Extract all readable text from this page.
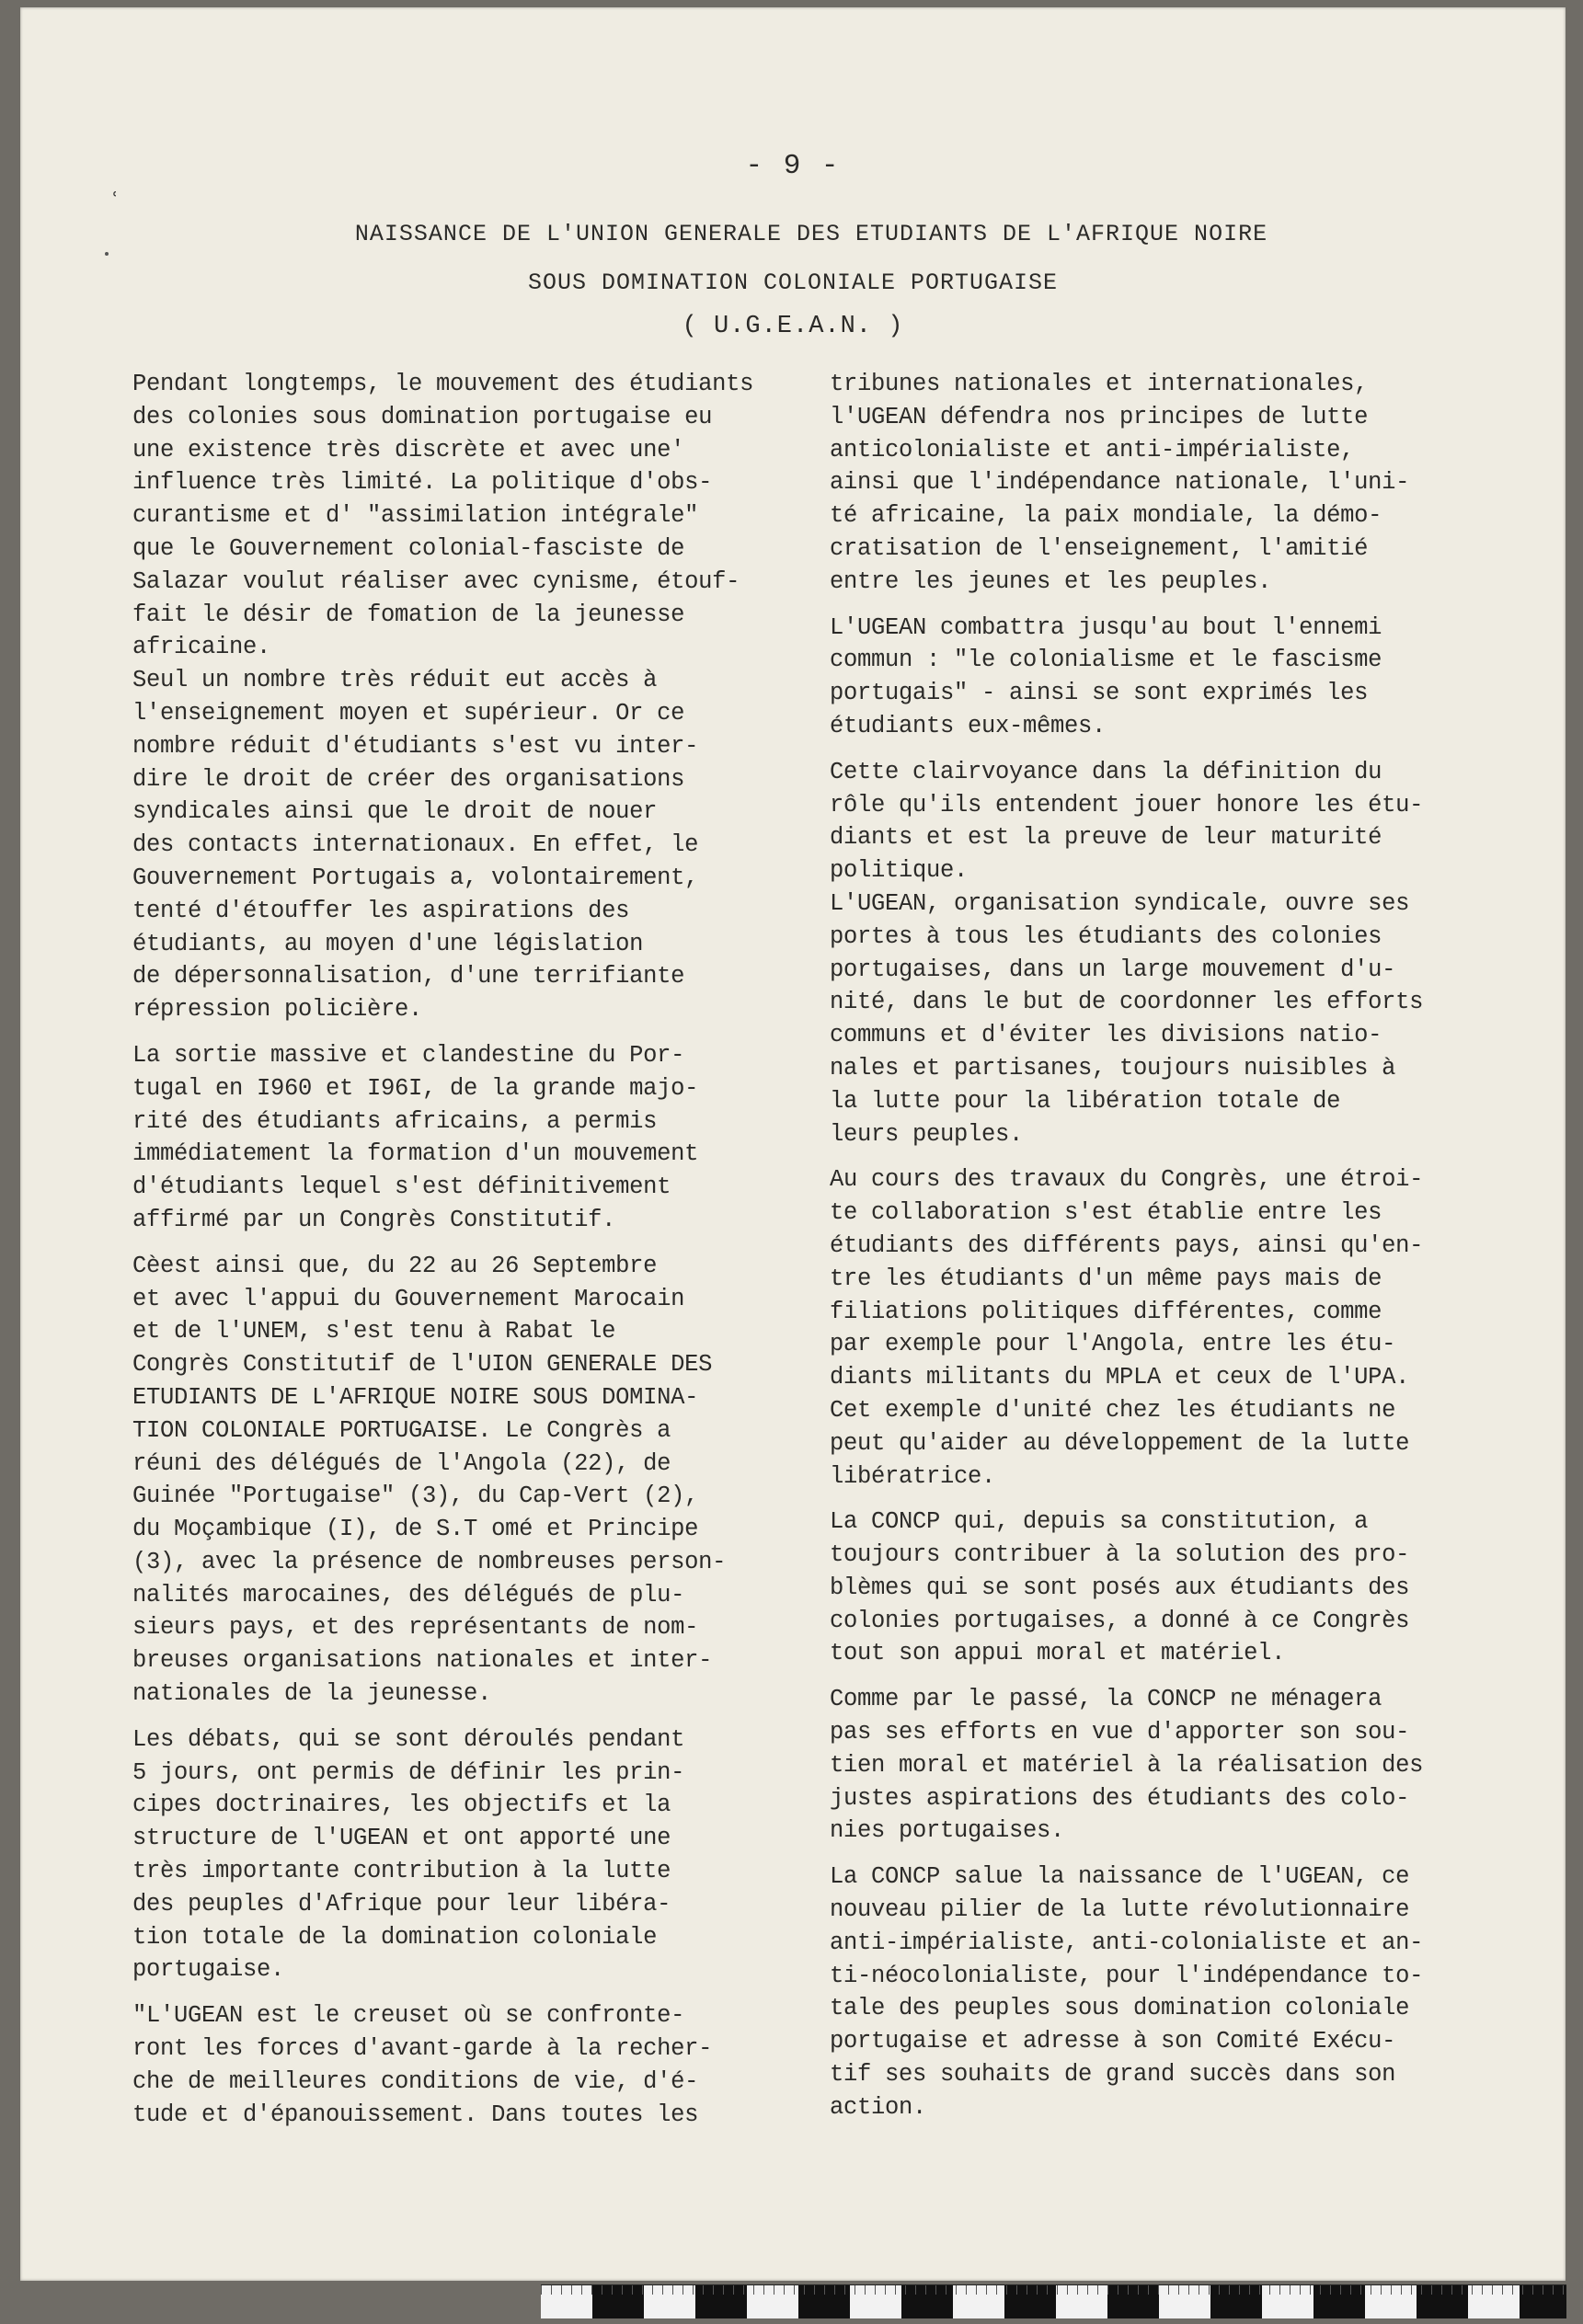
- 9 -
ʿ
NAISSANCE DE L'UNION GENERALE DES ETUDIANTS DE L'AFRIQUE NOIRE
SOUS DOMINATION COLONIALE PORTUGAISE
( U.G.E.A.N. )

Pendant longtemps, le mouvement des étudiants
des colonies sous domination portugaise eu
une existence très discrète et avec une'
influence très limité. La politique d'obs-
curantisme et d' "assimilation intégrale"
que le Gouvernement colonial-fasciste de
Salazar voulut réaliser avec cynisme, étouf-
fait le désir de fomation de la jeunesse
africaine.

Seul un nombre très réduit eut accès à
l'enseignement moyen et supérieur. Or ce
nombre réduit d'étudiants s'est vu inter-
dire le droit de créer des organisations
syndicales ainsi que le droit de nouer
des contacts internationaux. En effet, le
Gouvernement Portugais a, volontairement,
tenté d'étouffer les aspirations des
étudiants, au moyen d'une législation
de dépersonnalisation, d'une terrifiante
répression policière.

La sortie massive et clandestine du Por-
tugal en I960 et I96I, de la grande majo-
rité des étudiants africains, a permis
immédiatement la formation d'un mouvement
d'étudiants lequel s'est définitivement
affirmé par un Congrès Constitutif.

Cèest ainsi que, du 22 au 26 Septembre
et avec l'appui du Gouvernement Marocain
et de l'UNEM, s'est tenu à Rabat le
Congrès Constitutif de l'UION GENERALE DES
ETUDIANTS DE L'AFRIQUE NOIRE SOUS DOMINA-
TION COLONIALE PORTUGAISE. Le Congrès a
réuni des délégués de l'Angola (22), de
Guinée "Portugaise" (3), du Cap-Vert (2),
du Moçambique (I), de S.T omé et Principe
(3), avec la présence de nombreuses person-
nalités marocaines, des délégués de plu-
sieurs pays, et des représentants de nom-
breuses organisations nationales et inter-
nationales de la jeunesse.

Les débats, qui se sont déroulés pendant
5 jours, ont permis de définir les prin-
cipes doctrinaires, les objectifs et la
structure de l'UGEAN et ont apporté une
très importante contribution à la lutte
des peuples d'Afrique pour leur libéra-
tion totale de la domination coloniale
portugaise.

"L'UGEAN est le creuset où se confronte-
ront les forces d'avant-garde à la recher-
che de meilleures conditions de vie, d'é-
tude et d'épanouissement. Dans toutes les

tribunes nationales et internationales,
l'UGEAN défendra nos principes de lutte
anticolonialiste et anti-impérialiste,
ainsi que l'indépendance nationale, l'uni-
té africaine, la paix mondiale, la démo-
cratisation de l'enseignement, l'amitié
entre les jeunes et les peuples.

L'UGEAN combattra jusqu'au bout l'ennemi
commun : "le colonialisme et le fascisme
portugais" - ainsi se sont exprimés les
étudiants eux-mêmes.

Cette clairvoyance dans la définition du
rôle qu'ils entendent jouer honore les étu-
diants et est la preuve de leur maturité
politique.

L'UGEAN, organisation syndicale, ouvre ses
portes à tous les étudiants des colonies
portugaises, dans un large mouvement d'u-
nité, dans le but de coordonner les efforts
communs et d'éviter les divisions natio-
nales et partisanes, toujours nuisibles à
la lutte pour la libération totale de
leurs peuples.

Au cours des travaux du Congrès, une étroi-
te collaboration s'est établie entre les
étudiants des différents pays, ainsi qu'en-
tre les étudiants d'un même pays mais de
filiations politiques différentes, comme
par exemple pour l'Angola, entre les étu-
diants militants du MPLA et ceux de l'UPA.
Cet exemple d'unité chez les étudiants ne
peut qu'aider au développement de la lutte
libératrice.

La CONCP qui, depuis sa constitution, a
toujours contribuer à la solution des pro-
blèmes qui se sont posés aux étudiants des
colonies portugaises, a donné à ce Congrès
tout son appui moral et matériel.

Comme par le passé, la CONCP ne ménagera
pas ses efforts en vue d'apporter son sou-
tien moral et matériel à la réalisation des
justes aspirations des étudiants des colo-
nies portugaises.

La CONCP salue la naissance de l'UGEAN, ce
nouveau pilier de la lutte révolutionnaire
anti-impérialiste, anti-colonialiste et an-
ti-néocolonialiste, pour l'indépendance to-
tale des peuples sous domination coloniale
portugaise et adresse à son Comité Exécu-
tif ses souhaits de grand succès dans son
action.
